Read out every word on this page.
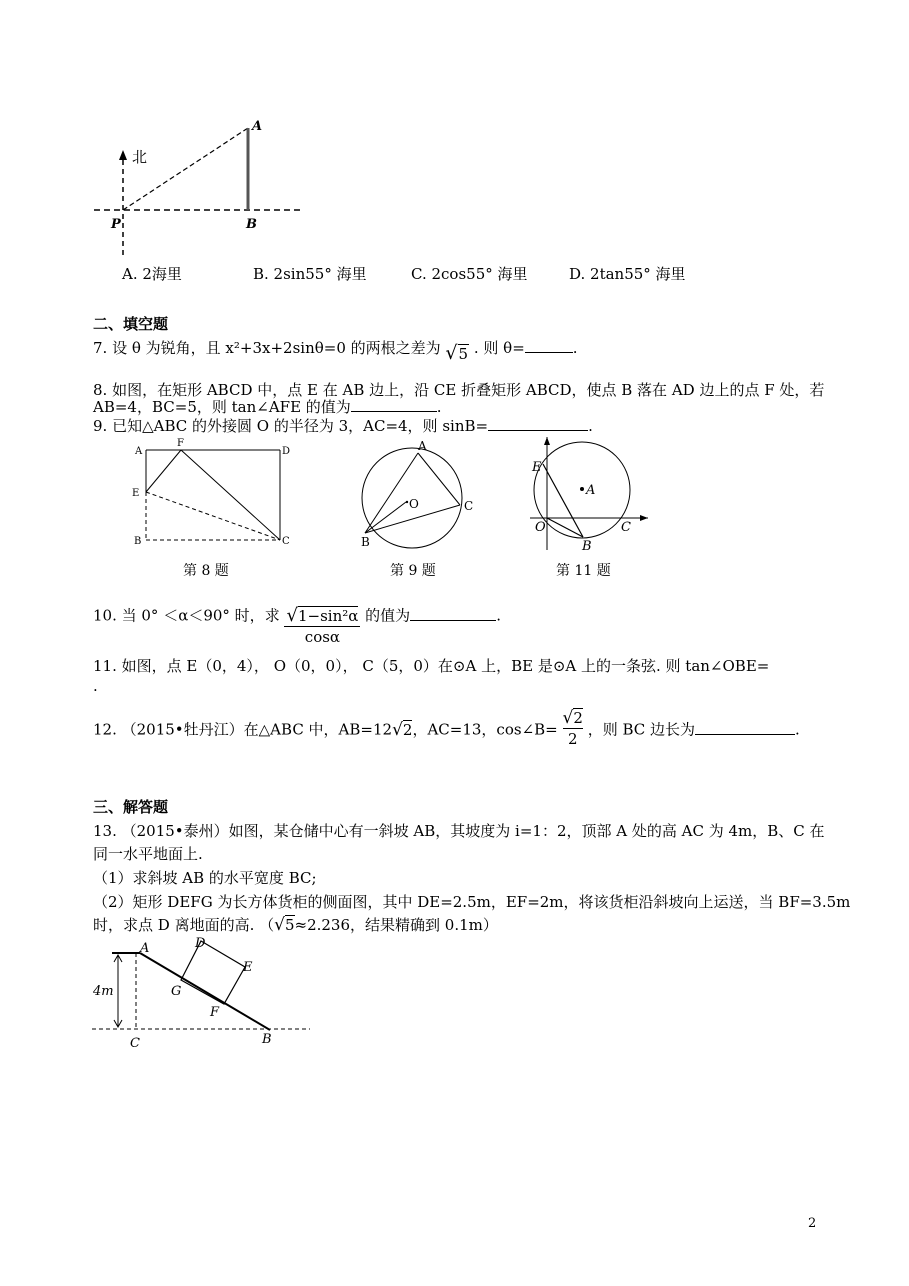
北
A
B
P
A. 2海里	B. 2sin55° 海里	C. 2cos55° 海里	D. 2tan55° 海里
二、填空题
7. 设 θ 为锐角，且 x²+3x+2sinθ=0 的两根之差为 √5 . 则 θ=	.
8. 如图，在矩形 ABCD 中，点 E 在 AB 边上，沿 CE 折叠矩形 ABCD，使点 B 落在 AD 边上的点 F 处，若
AB=4，BC=5，则 tan∠AFE 的值为	.
9. 已知△ABC 的外接圆 O 的半径为 3，AC=4，则 sinB=	.
A
F
D
E
B	C
第 8 题
A
O	C
B
第 9 题
E
A
O	C
B
第 11 题
10. 当 0° ＜α＜90° 时，求 $\frac{\text{√1−sin²α}}{\cos\alpha}$ 的值为	.
11. 如图，点 E（0，4）， O（0，0）， C（5，0）在⊙A 上，BE 是⊙A 上的一条弦. 则 tan∠OBE=
.
12. （2015•牡丹江）在△ABC 中，AB=12√2，AC=13，cos∠B= $\frac{√2}{2}$ ，则 BC 边长为	.
三、解答题
13. （2015•泰州）如图，某仓储中心有一斜坡 AB，其坡度为 i=1：2，顶部 A 处的高 AC 为 4m，B、C 在
同一水平地面上.
（1）求斜坡 AB 的水平宽度 BC;
（2）矩形 DEFG 为长方体货柜的侧面图，其中 DE=2.5m，EF=2m，将该货柜沿斜坡向上运送，当 BF=3.5m
时，求点 D 离地面的高. （√5≈2.236，结果精确到 0.1m）
A	D
E
G
F
4m
C	B
2
